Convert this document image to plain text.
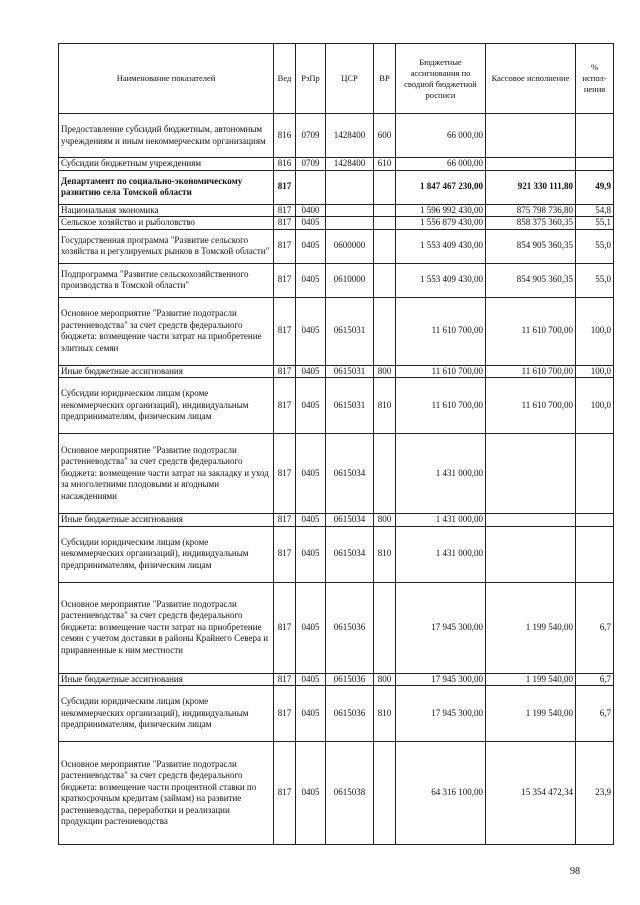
Наименование показателей	Вед	РзПр	ЦСР	ВР	Бюджетные ассигнования по сводной бюджетной росписи	Кассовое исполнение	% испол-нения
Предоставление субсидий бюджетным, автономным учреждениям и иным некоммерческим организациям	816	0709	1428400	600	66 000,00		
Субсидии бюджетным учреждениям	816	0709	1428400	610	66 000,00		
Департамент по социально-экономическому развитию села Томской области	817				1 847 467 230,00	921 330 111,80	49,9
Национальная экономика	817	0400			1 596 992 430,00	875 798 736,80	54,8
Сельское хозяйство и рыболовство	817	0405			1 556 879 430,00	858 375 360,35	55,1
Государственная программа "Развитие сельского хозяйства и регулируемых рынков в Томской области"	817	0405	0600000		1 553 409 430,00	854 905 360,35	55,0
Подпрограмма "Развитие сельскохозяйственного производства в Томской области"	817	0405	0610000		1 553 409 430,00	854 905 360,35	55,0
Основное мероприятие "Развитие подотрасли растениеводства" за счет средств федерального бюджета: возмещение части затрат на приобретение элитных семян	817	0405	0615031		11 610 700,00	11 610 700,00	100,0
Иные бюджетные ассигнования	817	0405	0615031	800	11 610 700,00	11 610 700,00	100,0
Субсидии юридическим лицам (кроме некоммерческих организаций), индивидуальным предпринимателям, физическим лицам	817	0405	0615031	810	11 610 700,00	11 610 700,00	100,0
Основное мероприятие "Развитие подотрасли растениеводства" за счет средств федерального бюджета: возмещение части затрат на закладку и уход за многолетними плодовыми и ягодными насаждениями	817	0405	0615034		1 431 000,00		
Иные бюджетные ассигнования	817	0405	0615034	800	1 431 000,00		
Субсидии юридическим лицам (кроме некоммерческих организаций), индивидуальным предпринимателям, физическим лицам	817	0405	0615034	810	1 431 000,00		
Основное мероприятие "Развитие подотрасли растениеводства" за счет средств федерального бюджета: возмещение части затрат на приобретение семян с учетом доставки в районы Крайнего Севера и приравненные к ним местности	817	0405	0615036		17 945 300,00	1 199 540,00	6,7
Иные бюджетные ассигнования	817	0405	0615036	800	17 945 300,00	1 199 540,00	6,7
Субсидии юридическим лицам (кроме некоммерческих организаций), индивидуальным предпринимателям, физическим лицам	817	0405	0615036	810	17 945 300,00	1 199 540,00	6,7
Основное мероприятие "Развитие подотрасли растениеводства" за счет средств федерального бюджета: возмещение части процентной ставки по краткосрочным кредитам (займам) на развитие растениеводства, переработки и реализации продукции растениеводства	817	0405	0615038		64 316 100,00	15 354 472,34	23,9
98
